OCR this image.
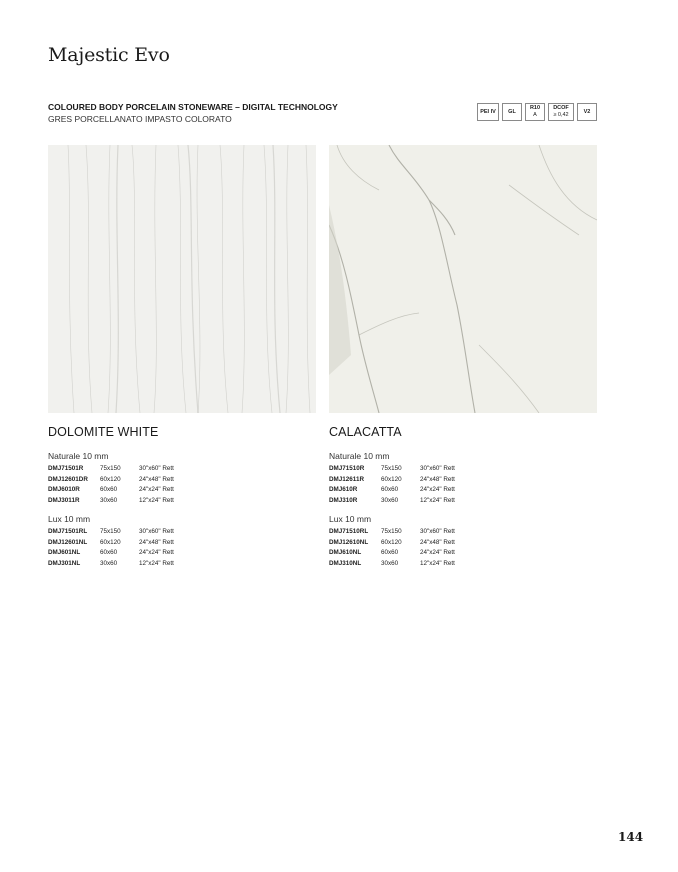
Majestic Evo
COLOURED BODY PORCELAIN STONEWARE – DIGITAL TECHNOLOGY
GRES PORCELLANATO IMPASTO COLORATO
PEI IV GL
R10
A
DCOF
≥ 0,42
V2
DOLOMITE WHITE
Naturale 10 mm
DMJ71501R	75x150	30"x60" Rett
DMJ12601DR	60x120	24"x48" Rett
DMJ6010R	60x60	24"x24" Rett
DMJ3011R	30x60	12"x24" Rett
Lux 10 mm
DMJ71501RL	75x150	30"x60" Rett
DMJ12601NL	60x120	24"x48" Rett
DMJ601NL	60x60	24"x24" Rett
DMJ301NL	30x60	12"x24" Rett
CALACATTA
Naturale 10 mm
DMJ71510R	75x150	30"x60" Rett
DMJ12611R	60x120	24"x48" Rett
DMJ610R	60x60	24"x24" Rett
DMJ310R	30x60	12"x24" Rett
Lux 10 mm
DMJ71510RL	75x150	30"x60" Rett
DMJ12610NL	60x120	24"x48" Rett
DMJ610NL	60x60	24"x24" Rett
DMJ310NL	30x60	12"x24" Rett
144
